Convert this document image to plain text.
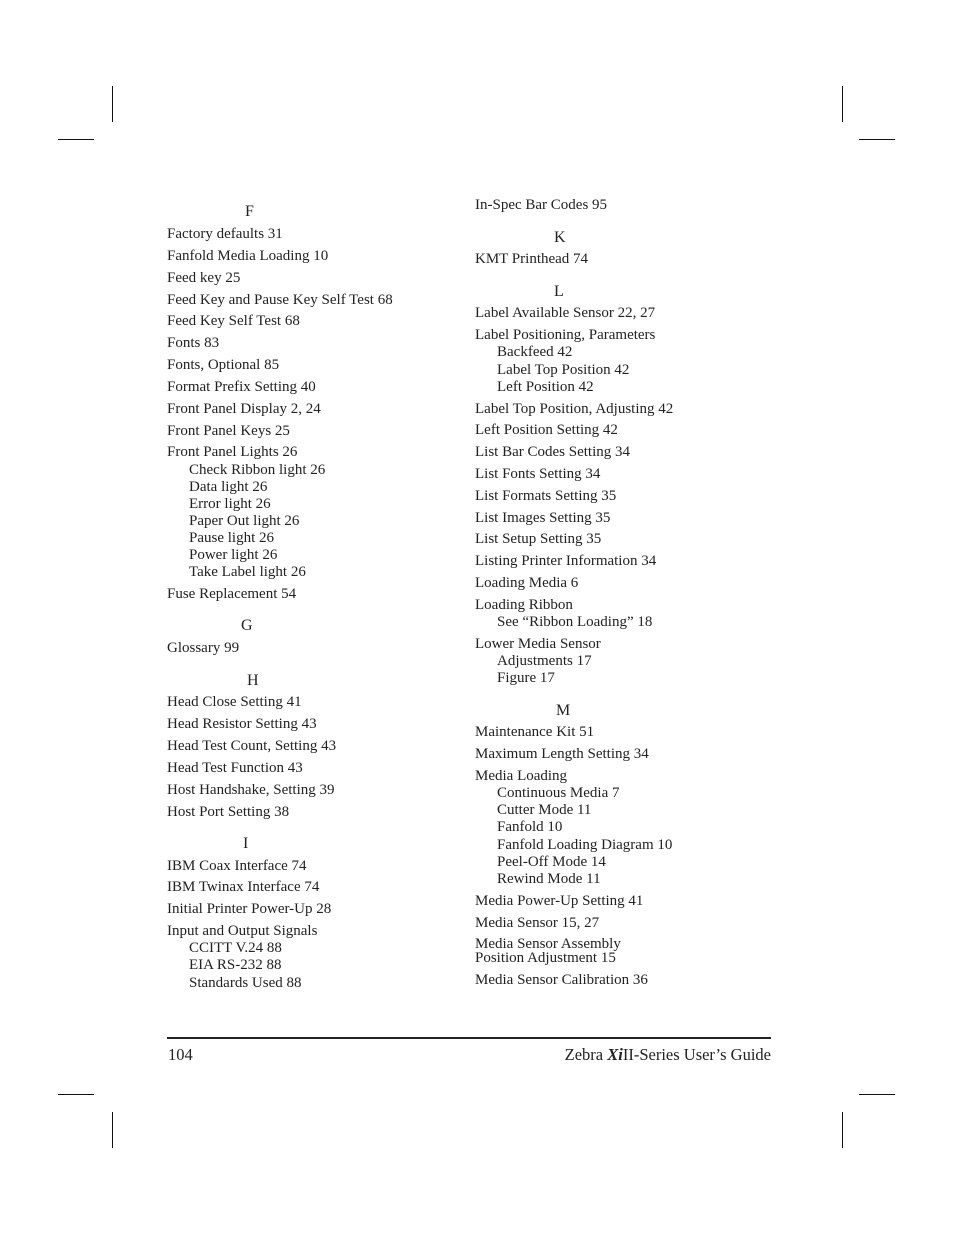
F
Factory defaults 31
Fanfold Media Loading 10
Feed key 25
Feed Key and Pause Key Self Test 68
Feed Key Self Test 68
Fonts 83
Fonts, Optional 85
Format Prefix Setting 40
Front Panel Display 2, 24
Front Panel Keys 25
Front Panel Lights 26
Check Ribbon light 26
Data light 26
Error light 26
Paper Out light 26
Pause light 26
Power light 26
Take Label light 26
Fuse Replacement 54
G
Glossary 99
H
Head Close Setting 41
Head Resistor Setting 43
Head Test Count, Setting 43
Head Test Function 43
Host Handshake, Setting 39
Host Port Setting 38
I
IBM Coax Interface 74
IBM Twinax Interface 74
Initial Printer Power-Up 28
Input and Output Signals
CCITT V.24 88
EIA RS-232 88
Standards Used 88
In-Spec Bar Codes 95
K
KMT Printhead 74
L
Label Available Sensor 22, 27
Label Positioning, Parameters
Backfeed 42
Label Top Position 42
Left Position 42
Label Top Position, Adjusting 42
Left Position Setting 42
List Bar Codes Setting 34
List Fonts Setting 34
List Formats Setting 35
List Images Setting 35
List Setup Setting 35
Listing Printer Information 34
Loading Media 6
Loading Ribbon
See “Ribbon Loading” 18
Lower Media Sensor
Adjustments 17
Figure 17
M
Maintenance Kit 51
Maximum Length Setting 34
Media Loading
Continuous Media 7
Cutter Mode 11
Fanfold 10
Fanfold Loading Diagram 10
Peel-Off Mode 14
Rewind Mode 11
Media Power-Up Setting 41
Media Sensor 15, 27
Media Sensor Assembly
Position Adjustment 15
Media Sensor Calibration 36
104	Zebra XiII-Series User’s Guide
